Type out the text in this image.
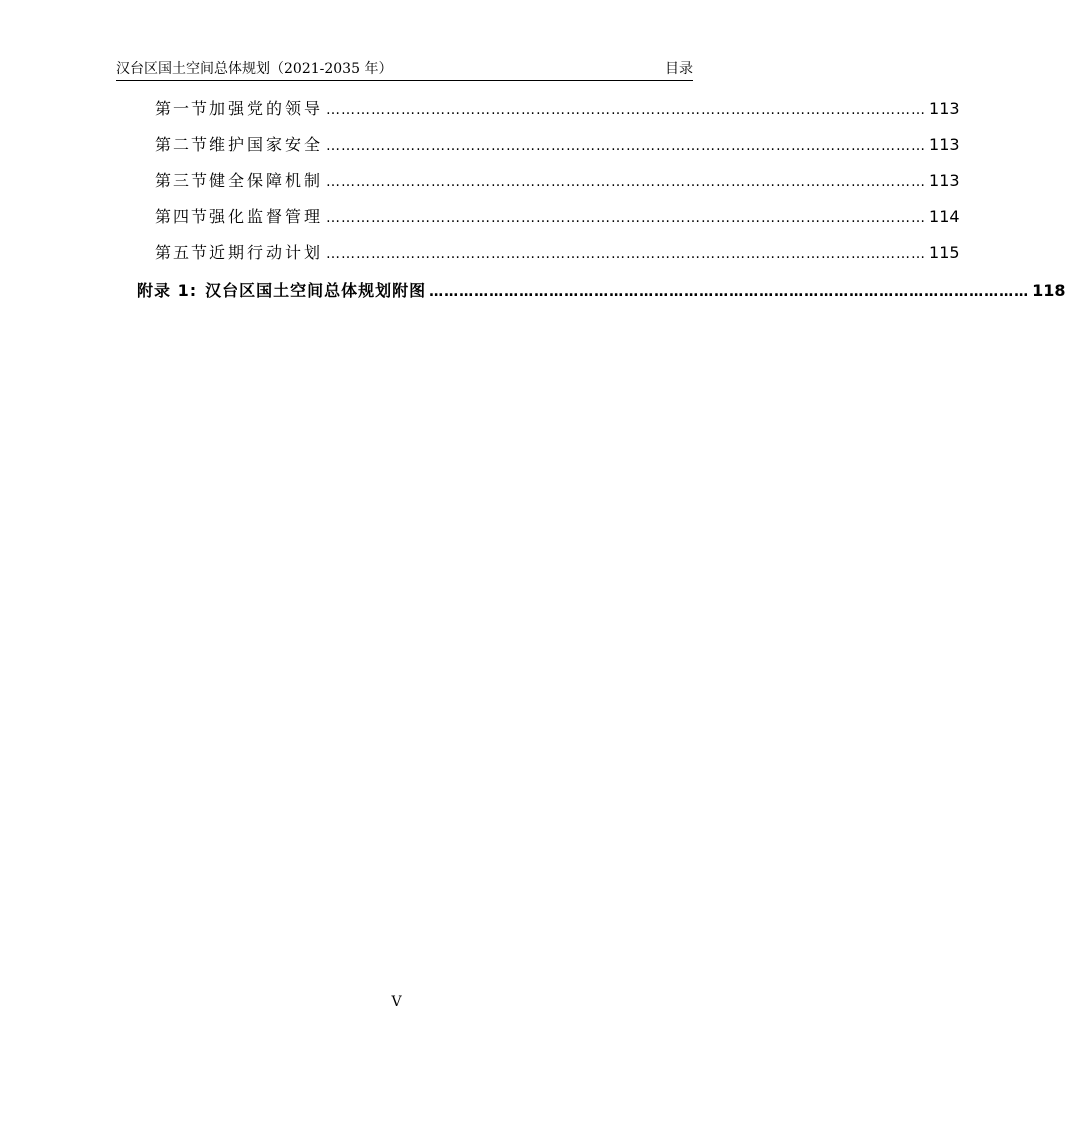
汉台区国土空间总体规划（2021-2035 年）	目录
第一节 加强党的领导 ………………………………………………………………………………………………………… 113
第二节 维护国家安全 ………………………………………………………………………………………………………… 113
第三节 健全保障机制 ………………………………………………………………………………………………………… 113
第四节 强化监督管理 ………………………………………………………………………………………………………… 114
第五节 近期行动计划 ………………………………………………………………………………………………………… 115
附录 1: 汉台区国土空间总体规划附图 ………………………………………………………………………………………………………… 118
V
